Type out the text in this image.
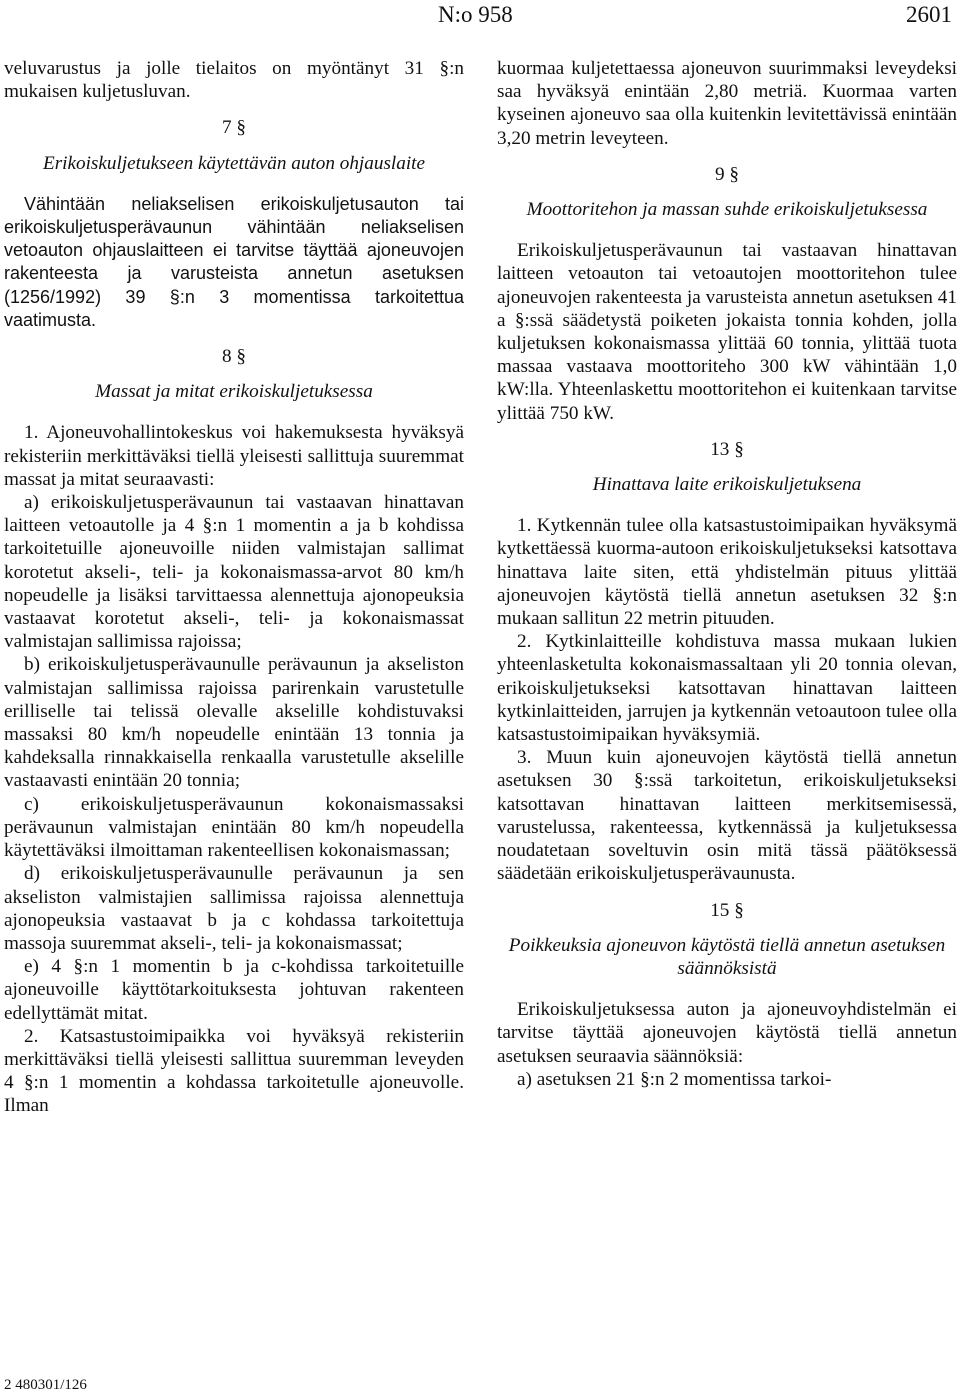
N:o 958	2601

veluvarustus ja jolle tielaitos on myöntänyt 31 §:n mukaisen kuljetusluvan.

7 §
Erikoiskuljetukseen käytettävän auton ohjauslaite

Vähintään neliakselisen erikoiskuljetusauton tai erikoiskuljetusperävaunun vähintään neliakselisen vetoauton ohjauslaitteen ei tarvitse täyttää ajoneuvojen rakenteesta ja varusteista annetun asetuksen (1256/1992) 39 §:n 3 momentissa tarkoitettua vaatimusta.

8 §
Massat ja mitat erikoiskuljetuksessa

1. Ajoneuvohallintokeskus voi hakemuksesta hyväksyä rekisteriin merkittäväksi tiellä yleisesti sallittuja suuremmat massat ja mitat seuraavasti:

a) erikoiskuljetusperävaunun tai vastaavan hinattavan laitteen vetoautolle ja 4 §:n 1 momentin a ja b kohdissa tarkoitetuille ajoneuvoille niiden valmistajan sallimat korotetut akseli-, teli- ja kokonaismassa-arvot 80 km/h nopeudelle ja lisäksi tarvittaessa alennettuja ajonopeuksia vastaavat korotetut akseli-, teli- ja kokonaismassat valmistajan sallimissa rajoissa;

b) erikoiskuljetusperävaunulle perävaunun ja akseliston valmistajan sallimissa rajoissa parirenkain varustetulle erilliselle tai telissä olevalle akselille kohdistuvaksi massaksi 80 km/h nopeudelle enintään 13 tonnia ja kahdeksalla rinnakkaisella renkaalla varustetulle akselille vastaavasti enintään 20 tonnia;

c) erikoiskuljetusperävaunun kokonaismassaksi perävaunun valmistajan enintään 80 km/h nopeudella käytettäväksi ilmoittaman rakenteellisen kokonaismassan;

d) erikoiskuljetusperävaunulle perävaunun ja sen akseliston valmistajien sallimissa rajoissa alennettuja ajonopeuksia vastaavat b ja c kohdassa tarkoitettuja massoja suuremmat akseli-, teli- ja kokonaismassat;

e) 4 §:n 1 momentin b ja c-kohdissa tarkoitetuille ajoneuvoille käyttötarkoituksesta johtuvan rakenteen edellyttämät mitat.

2. Katsastustoimipaikka voi hyväksyä rekisteriin merkittäväksi tiellä yleisesti sallittua suuremman leveyden 4 §:n 1 momentin a kohdassa tarkoitetulle ajoneuvolle. Ilman

kuormaa kuljetettaessa ajoneuvon suurimmaksi leveydeksi saa hyväksyä enintään 2,80 metriä. Kuormaa varten kyseinen ajoneuvo saa olla kuitenkin levitettävissä enintään 3,20 metrin leveyteen.

9 §
Moottoritehon ja massan suhde erikoiskuljetuksessa

Erikoiskuljetusperävaunun tai vastaavan hinattavan laitteen vetoauton tai vetoautojen moottoritehon tulee ajoneuvojen rakenteesta ja varusteista annetun asetuksen 41 a §:ssä säädetystä poiketen jokaista tonnia kohden, jolla kuljetuksen kokonaismassa ylittää 60 tonnia, ylittää tuota massaa vastaava moottoriteho 300 kW vähintään 1,0 kW:lla. Yhteenlaskettu moottoritehon ei kuitenkaan tarvitse ylittää 750 kW.

13 §
Hinattava laite erikoiskuljetuksena

1. Kytkennän tulee olla katsastustoimipaikan hyväksymä kytkettäessä kuorma-autoon erikoiskuljetukseksi katsottava hinattava laite siten, että yhdistelmän pituus ylittää ajoneuvojen käytöstä tiellä annetun asetuksen 32 §:n mukaan sallitun 22 metrin pituuden.

2. Kytkinlaitteille kohdistuva massa mukaan lukien yhteenlasketulta kokonaismassaltaan yli 20 tonnia olevan, erikoiskuljetukseksi katsottavan hinattavan laitteen kytkinlaitteiden, jarrujen ja kytkennän vetoautoon tulee olla katsastustoimipaikan hyväksymiä.

3. Muun kuin ajoneuvojen käytöstä tiellä annetun asetuksen 30 §:ssä tarkoitetun, erikoiskuljetukseksi katsottavan hinattavan laitteen merkitsemisessä, varustelussa, rakenteessa, kytkennässä ja kuljetuksessa noudatetaan soveltuvin osin mitä tässä päätöksessä säädetään erikoiskuljetusperävaunusta.

15 §
Poikkeuksia ajoneuvon käytöstä tiellä annetun asetuksen säännöksistä

Erikoiskuljetuksessa auton ja ajoneuvoyhdistelmän ei tarvitse täyttää ajoneuvojen käytöstä tiellä annetun asetuksen seuraavia säännöksiä:

a) asetuksen 21 §:n 2 momentissa tarkoi-

2 480301/126
